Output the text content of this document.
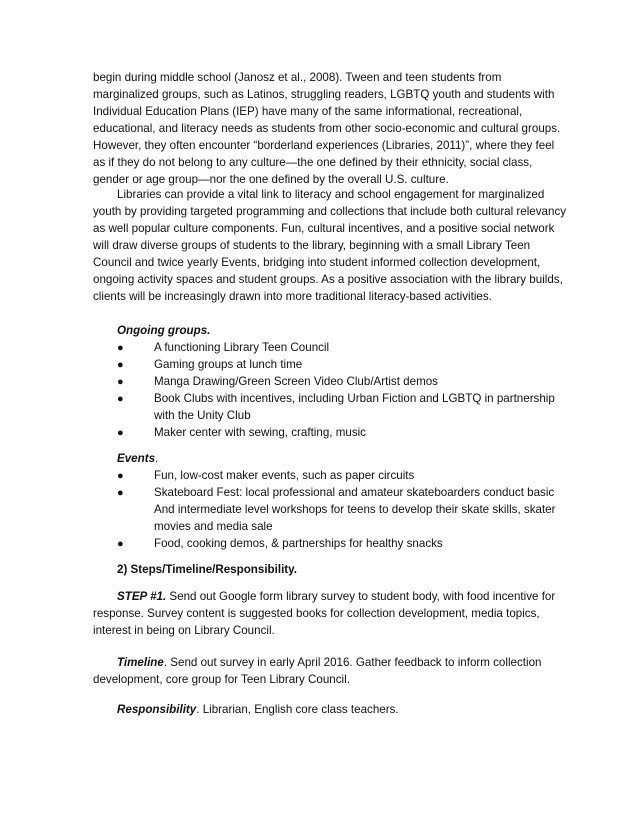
begin during middle school (Janosz et al., 2008). Tween and teen students from
marginalized groups, such as Latinos, struggling readers, LGBTQ youth and students with
Individual Education Plans (IEP) have many of the same informational, recreational,
educational, and literacy needs as students from other socio-economic and cultural groups.
However, they often encounter “borderland experiences (Libraries, 2011)”, where they feel
as if they do not belong to any culture—the one defined by their ethnicity, social class,
gender or age group—nor the one defined by the overall U.S. culture.
Libraries can provide a vital link to literacy and school engagement for marginalized
youth by providing targeted programming and collections that include both cultural relevancy
as well popular culture components. Fun, cultural incentives, and a positive social network
will draw diverse groups of students to the library, beginning with a small Library Teen
Council and twice yearly Events, bridging into student informed collection development,
ongoing activity spaces and student groups. As a positive association with the library builds,
clients will be increasingly drawn into more traditional literacy-based activities.
Ongoing groups.
●	A functioning Library Teen Council
●	Gaming groups at lunch time
●	Manga Drawing/Green Screen Video Club/Artist demos
●	Book Clubs with incentives, including Urban Fiction and LGBTQ in partnership
with the Unity Club
●	Maker center with sewing, crafting, music
Events.
●	Fun, low-cost maker events, such as paper circuits
●	Skateboard Fest: local professional and amateur skateboarders conduct basic
And intermediate level workshops for teens to develop their skate skills, skater
movies and media sale
●	Food, cooking demos, & partnerships for healthy snacks
2) Steps/Timeline/Responsibility.
STEP #1. Send out Google form library survey to student body, with food incentive for
response. Survey content is suggested books for collection development, media topics,
interest in being on Library Council.
Timeline. Send out survey in early April 2016. Gather feedback to inform collection
development, core group for Teen Library Council.
Responsibility. Librarian, English core class teachers.
